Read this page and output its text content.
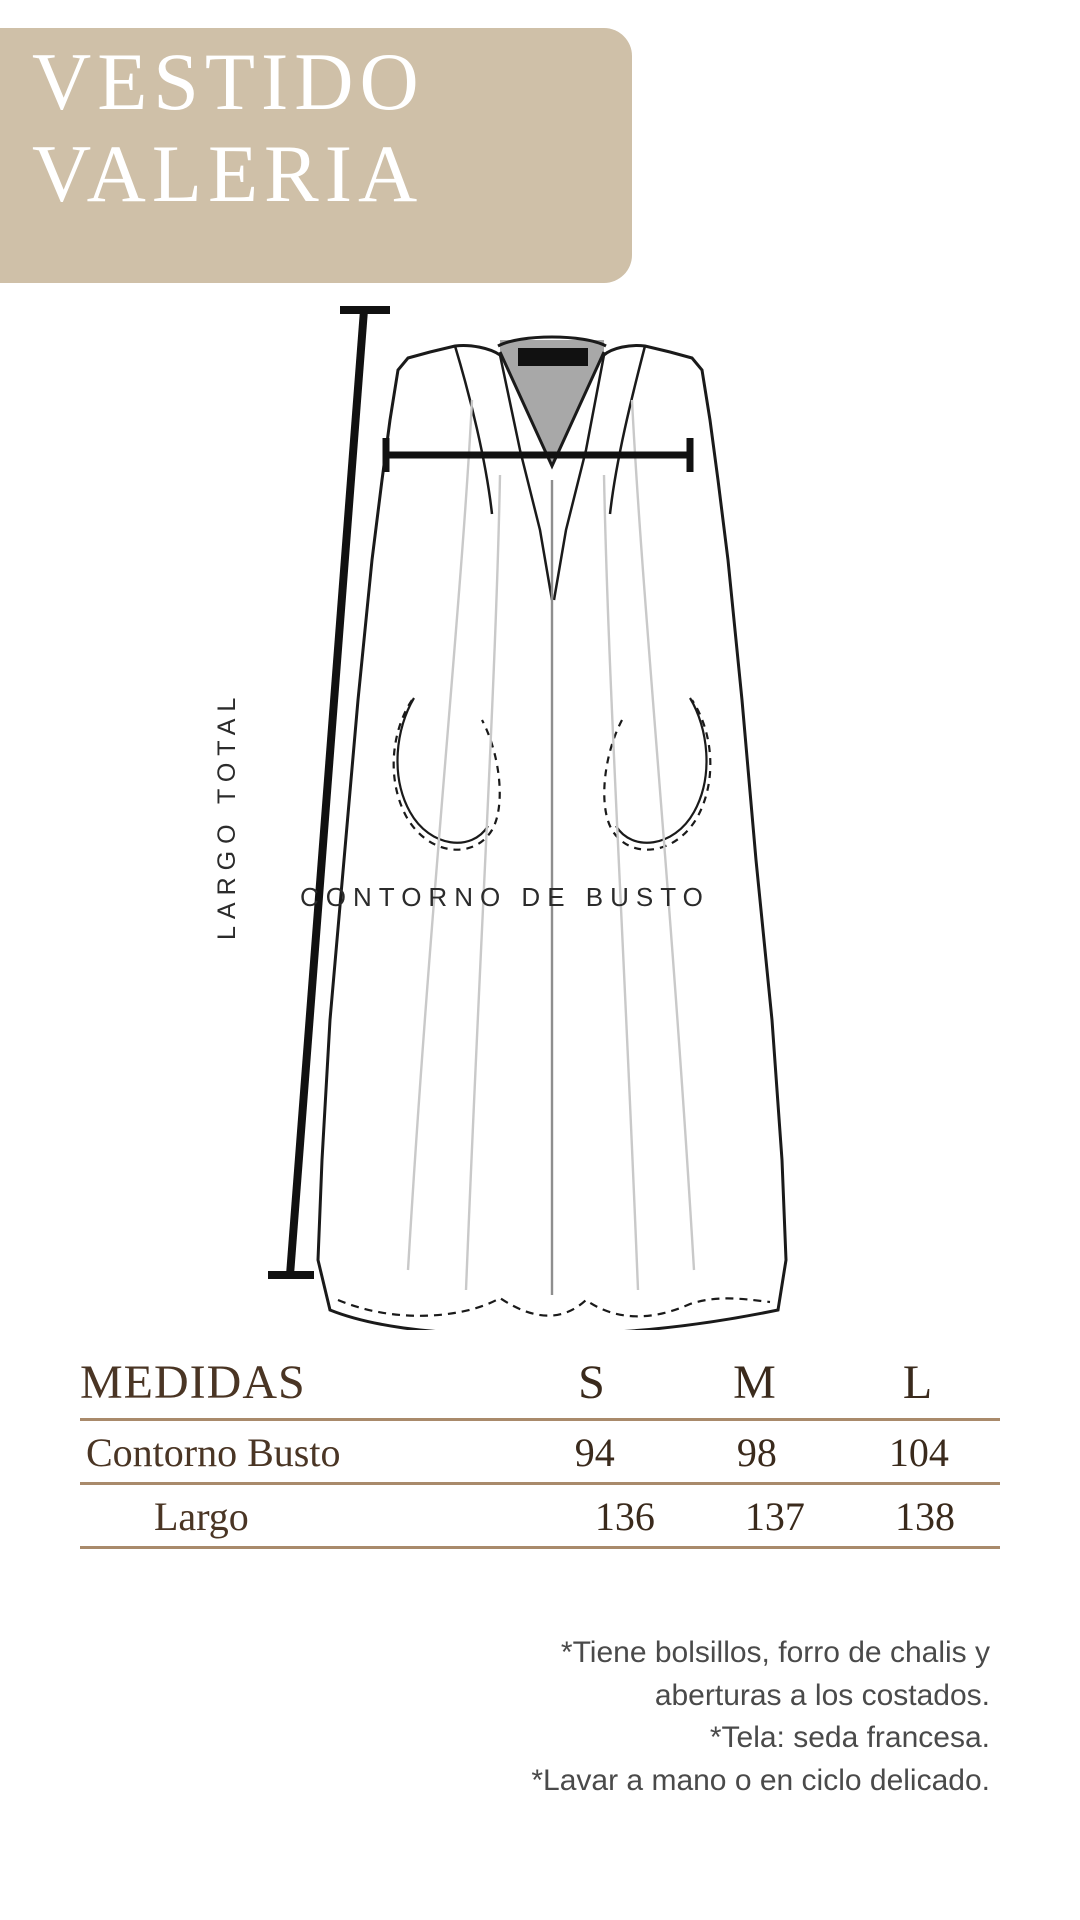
VESTIDO
VALERIA
CONTORNO DE BUSTO
LARGO TOTAL
MEDIDAS	S	M	L
Contorno Busto	94	98	104
Largo	136	137	138
*Tiene bolsillos, forro de chalis y
aberturas a los costados.
*Tela: seda francesa.
*Lavar a mano o en ciclo delicado.
